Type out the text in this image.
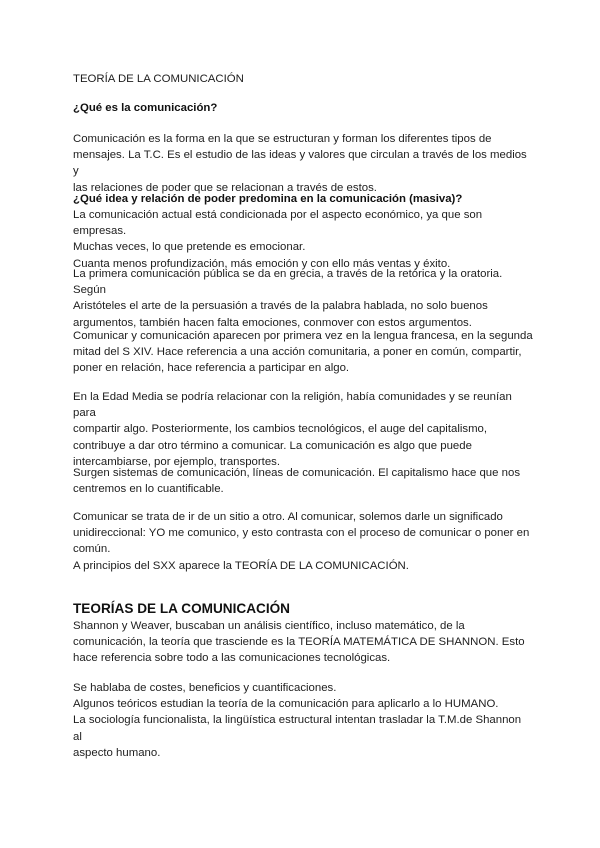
TEORÍA DE LA COMUNICACIÓN

¿Qué es la comunicación?

Comunicación es la forma en la que se estructuran y forman los diferentes tipos de
mensajes. La T.C. Es el estudio de las ideas y valores que circulan a través de los medios y
las relaciones de poder que se relacionan a través de estos.

¿Qué idea y relación de poder predomina en la comunicación (masiva)?

La comunicación actual está condicionada por el aspecto económico, ya que son empresas.
Muchas veces, lo que pretende es emocionar.
Cuanta menos profundización, más emoción y con ello más ventas y éxito.

La primera comunicación pública se da en grecia, a través de la retórica y la oratoria. Según
Aristóteles el arte de la persuasión a través de la palabra hablada, no solo buenos
argumentos, también hacen falta emociones, conmover con estos argumentos.

Comunicar y comunicación aparecen por primera vez en la lengua francesa, en la segunda
mitad del S XIV. Hace referencia a una acción comunitaria, a poner en común, compartir,
poner en relación, hace referencia a participar en algo.

En la Edad Media se podría relacionar con la religión, había comunidades y se reunían para
compartir algo. Posteriormente, los cambios tecnológicos, el auge del capitalismo,
contribuye a dar otro término a comunicar. La comunicación es algo que puede
intercambiarse, por ejemplo, transportes.

Surgen sistemas de comunicación, líneas de comunicación. El capitalismo hace que nos
centremos en lo cuantificable.

Comunicar se trata de ir de un sitio a otro. Al comunicar, solemos darle un significado
unidireccional: YO me comunico, y esto contrasta con el proceso de comunicar o poner en
común.
A principios del SXX aparece la TEORÍA DE LA COMUNICACIÓN.

TEORÍAS DE LA COMUNICACIÓN

Shannon y Weaver, buscaban un análisis científico, incluso matemático, de la
comunicación, la teoría que trasciende es la TEORÍA MATEMÁTICA DE SHANNON. Esto
hace referencia sobre todo a las comunicaciones tecnológicas.

Se hablaba de costes, beneficios y cuantificaciones.
Algunos teóricos estudian la teoría de la comunicación para aplicarlo a lo HUMANO.
La sociología funcionalista, la lingüística estructural intentan trasladar la T.M.de Shannon al
aspecto humano.
